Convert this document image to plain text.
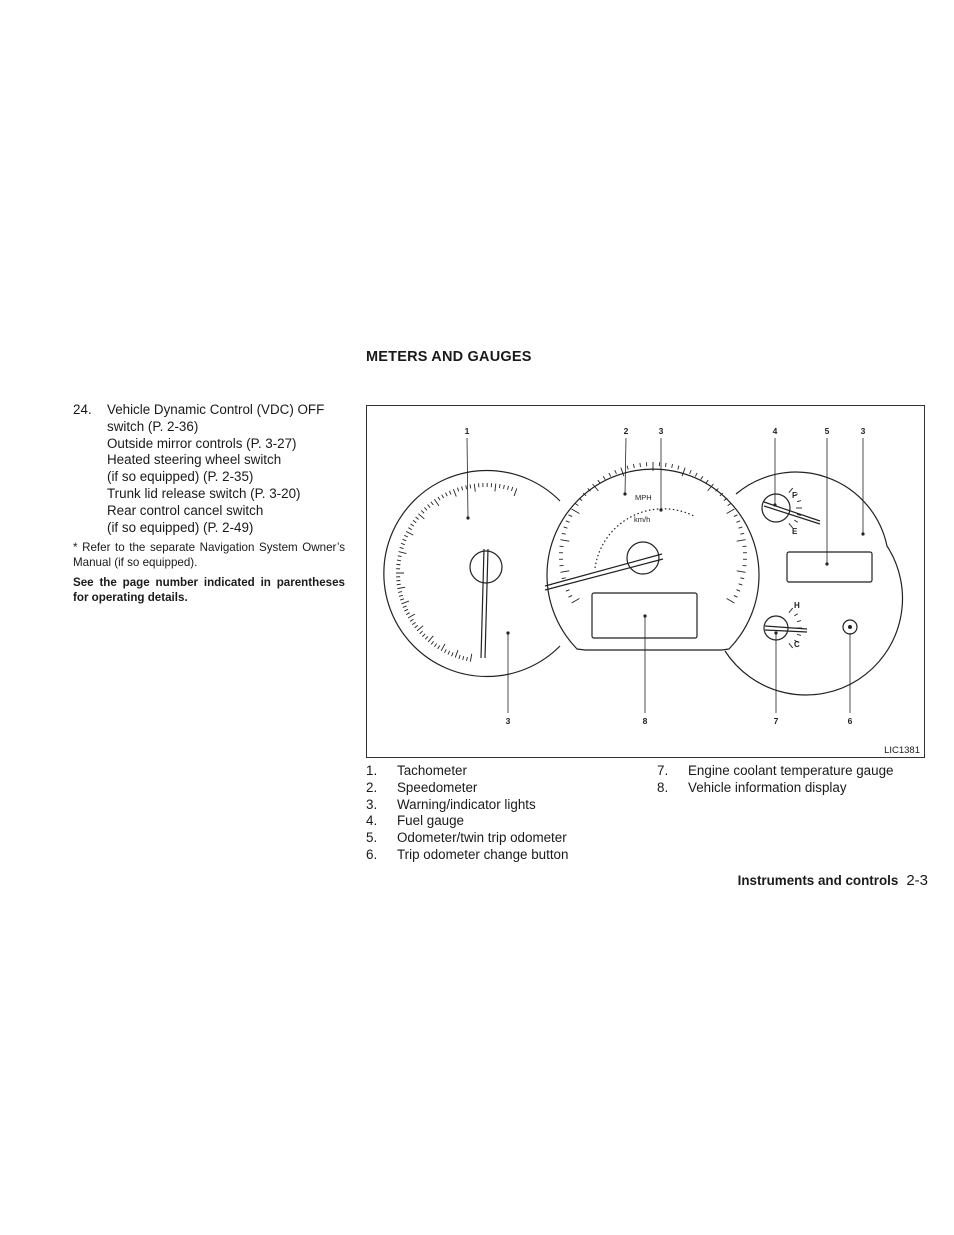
24.	Vehicle Dynamic Control (VDC) OFF
switch (P. 2-36)
Outside mirror controls (P. 3-27)
Heated steering wheel switch
(if so equipped) (P. 2-35)
Trunk lid release switch (P. 3-20)
Rear control cancel switch
(if so equipped) (P. 2-49)
* Refer to the separate Navigation System Owner’s Manual (if so equipped).
See the page number indicated in parentheses for operating details.
METERS AND GAUGES
MPH
km/h
F
E
H
C
1	2	3	4	5	3
3	8	7	6
LIC1381
1.	Tachometer
2.	Speedometer
3.	Warning/indicator lights
4.	Fuel gauge
5.	Odometer/twin trip odometer
6.	Trip odometer change button
7.	Engine coolant temperature gauge
8.	Vehicle information display
Instruments and controls 2-3
